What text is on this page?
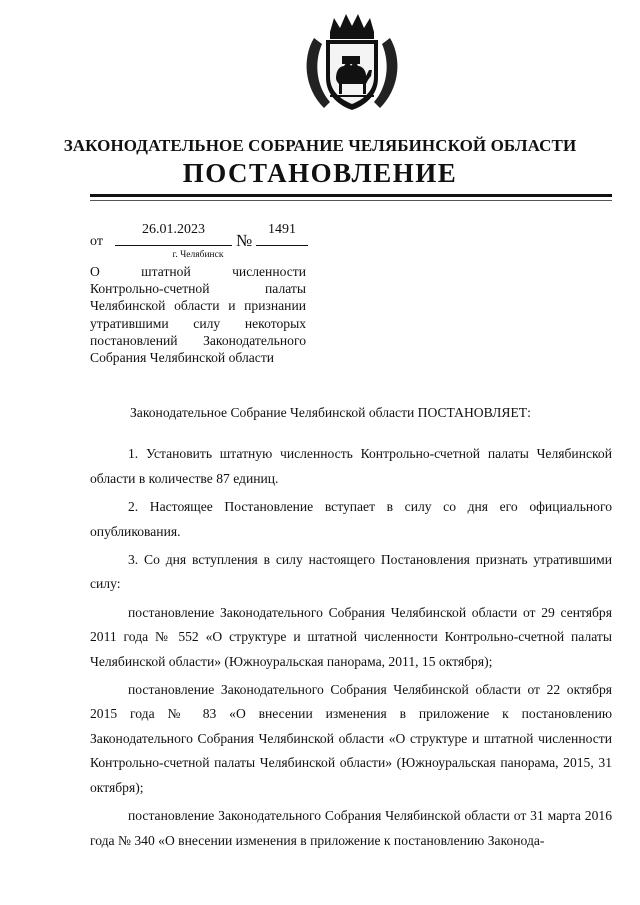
ЗАКОНОДАТЕЛЬНОЕ СОБРАНИЕ ЧЕЛЯБИНСКОЙ ОБЛАСТИ
ПОСТАНОВЛЕНИЕ
от
26.01.2023
№
1491
г. Челябинск
О штатной численности Контрольно-счетной палаты Челябинской области и признании утратившими силу некоторых постановлений Законодательного Собрания Челябинской области

Законодательное Собрание Челябинской области ПОСТАНОВЛЯЕТ:

1. Установить штатную численность Контрольно-счетной палаты Челябинской области в количестве 87 единиц.

2. Настоящее Постановление вступает в силу со дня его официального опубликования.

3. Со дня вступления в силу настоящего Постановления признать утратившими силу:

постановление Законодательного Собрания Челябинской области от 29 сентября 2011 года № 552 «О структуре и штатной численности Контрольно-счетной палаты Челябинской области» (Южноуральская панорама, 2011, 15 октября);

постановление Законодательного Собрания Челябинской области от 22 октября 2015 года № 83 «О внесении изменения в приложение к постановлению Законодательного Собрания Челябинской области «О структуре и штатной численности Контрольно-счетной палаты Челябинской области» (Южноуральская панорама, 2015, 31 октября);

постановление Законодательного Собрания Челябинской области от 31 марта 2016 года № 340 «О внесении изменения в приложение к постановлению Законода-
